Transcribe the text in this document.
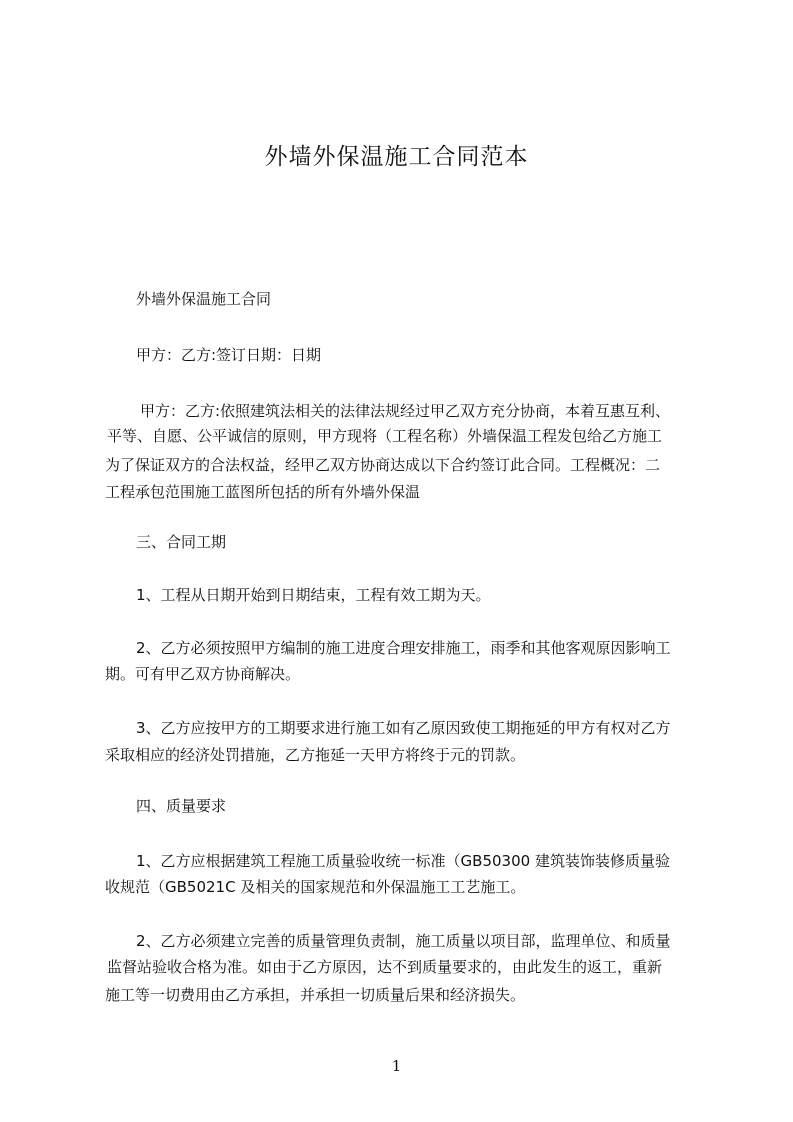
外墙外保温施工合同范本
外墙外保温施工合同
甲方：乙方:签订日期：日期
甲方：乙方:依照建筑法相关的法律法规经过甲乙双方充分协商，本着互惠互利、
平等、自愿、公平诚信的原则，甲方现将（工程名称）外墙保温工程发包给乙方施工
为了保证双方的合法权益，经甲乙双方协商达成以下合约签订此合同。工程概况：二
工程承包范围施工蓝图所包括的所有外墙外保温
三、合同工期
1、工程从日期开始到日期结束，工程有效工期为天。
2、乙方必须按照甲方编制的施工进度合理安排施工，雨季和其他客观原因影响工
期。可有甲乙双方协商解决。
3、乙方应按甲方的工期要求进行施工如有乙原因致使工期拖延的甲方有权对乙方
采取相应的经济处罚措施，乙方拖延一天甲方将终于元的罚款。
四、质量要求
1、乙方应根据建筑工程施工质量验收统一标准（GB50300 建筑装饰装修质量验
收规范（GB5021C 及相关的国家规范和外保温施工工艺施工。
2、乙方必须建立完善的质量管理负责制，施工质量以项目部，监理单位、和质量
监督站验收合格为准。如由于乙方原因，达不到质量要求的，由此发生的返工，重新
施工等一切费用由乙方承担，并承担一切质量后果和经济损失。
1
